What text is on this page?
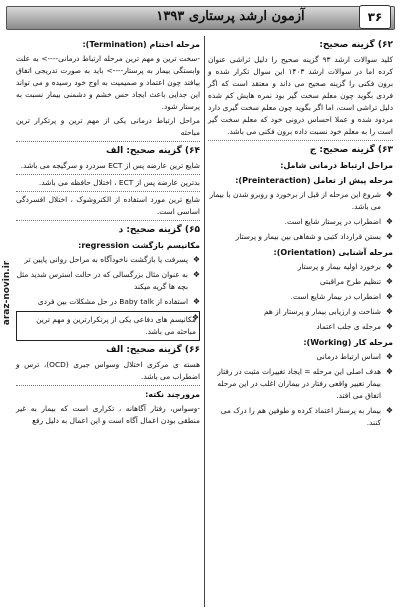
آزمون ارشد پرستاری ۱۳۹۳	۳۶
araz-novin.ir
۶۲) گزینه صحیح:
کلید سوالات ارشد ۹۳ گزینه صحیح را دلیل ثراشی عنوان کرده اما در سوالات ارشد ۱۴۰۳ این سوال تکرار شده و برون فکنی را گزینه صحیح می داند و معتقد است که اگر فردی بگوید چون معلم سخت گیر بود نمره هایش کم شده دلیل تراشی است، اما اگر بگوید چون معلم سخت گیری دارد مردود شده و عملا احساس درونی خود که معلم سخت گیر است را به معلم خود نسبت داده برون فکنی می باشد.
۶۳) گزینه صحیح: ج
مراحل ارتباط درمانی شامل:
مرحله پیش از تعامل (Preinteraction):
❖ شروع این مرحله از قبل از برخورد و روبرو شدن با بیمار می باشد.
❖ اضطراب در پرستار شایع است.
❖ بستن قرارداد کتبی و شفاهی بین بیمار و پرستار
مرحله آشنایی (Orientation):
❖ برخورد اولیه بیمار و پرستار
❖ تنظیم طرح مراقبتی
❖ اضطراب در بیمار شایع است.
❖ شناخت و ارزیابی بیمار و پرستار از هم
❖ مرحله ی جلب اعتماد
مرحله کار (Working):
❖ اساس ارتباط درمانی
❖ هدف اصلی این مرحله = ایجاد تغییرات مثبت در رفتار بیمار تغییر واقعی رفتار در بیماران اغلب در این مرحله اتفاق می افتد.
❖ بیمار به پرستار اعتماد کرده و طوفین هم را درک می کنند.
مرحله اختتام (Termination):
-سخت ترین و مهم ترین مرحله ارتباط درمانی----> به علت وابستگی بیمار به پرستار----> باید به صورت تدریجی اتفاق بیافتد چون اعتماد و صمیمیت به اوج خود رسیده و می تواند این جدایی باعث ایجاد حس خشم و دشمنی بیمار نسبت به پرستار شود.
مراحل ارتباط درمانی یکی از مهم ترین و پرتکرار ترین مباحثه
۶۴) گزینه صحیح: الف
شایع ترین عارضه پس از ECT سردرد و سرگیجه می باشد.
بدترین عارضه پس از ECT ، اختلال حافظه می باشد.
شایع ترین مورد استفاده از الکتروشوک ، اختلال افسردگی اساسی است.
۶۵) گزینه صحیح: د
مکانیسم بازگشت regression:
❖ پسرفت یا بازگشت ناخودآگاه به مراحل روانی پایین تر
❖ به عنوان مثال بزرگسالی که در حالت استرس شدید مثل بچه ها گریه میکند
❖ استفاده از Baby talk در حل مشکلات بین فردی
❖ مکانیسم های دفاعی یکی از پرتکرارترین و مهم ترین مباحثه می باشد.
۶۶) گزینه صحیح: الف
هسته ی مرکزی اختلال وسواس جبری (OCD)، ترس و اضطراب می باشد.
مرورچند نکته:
-وسواس، رفتار آگاهانه ، تکراری است که بیمار به غیر منطقی بودن اعمال آگاه است و این اعمال به دلیل رفع
